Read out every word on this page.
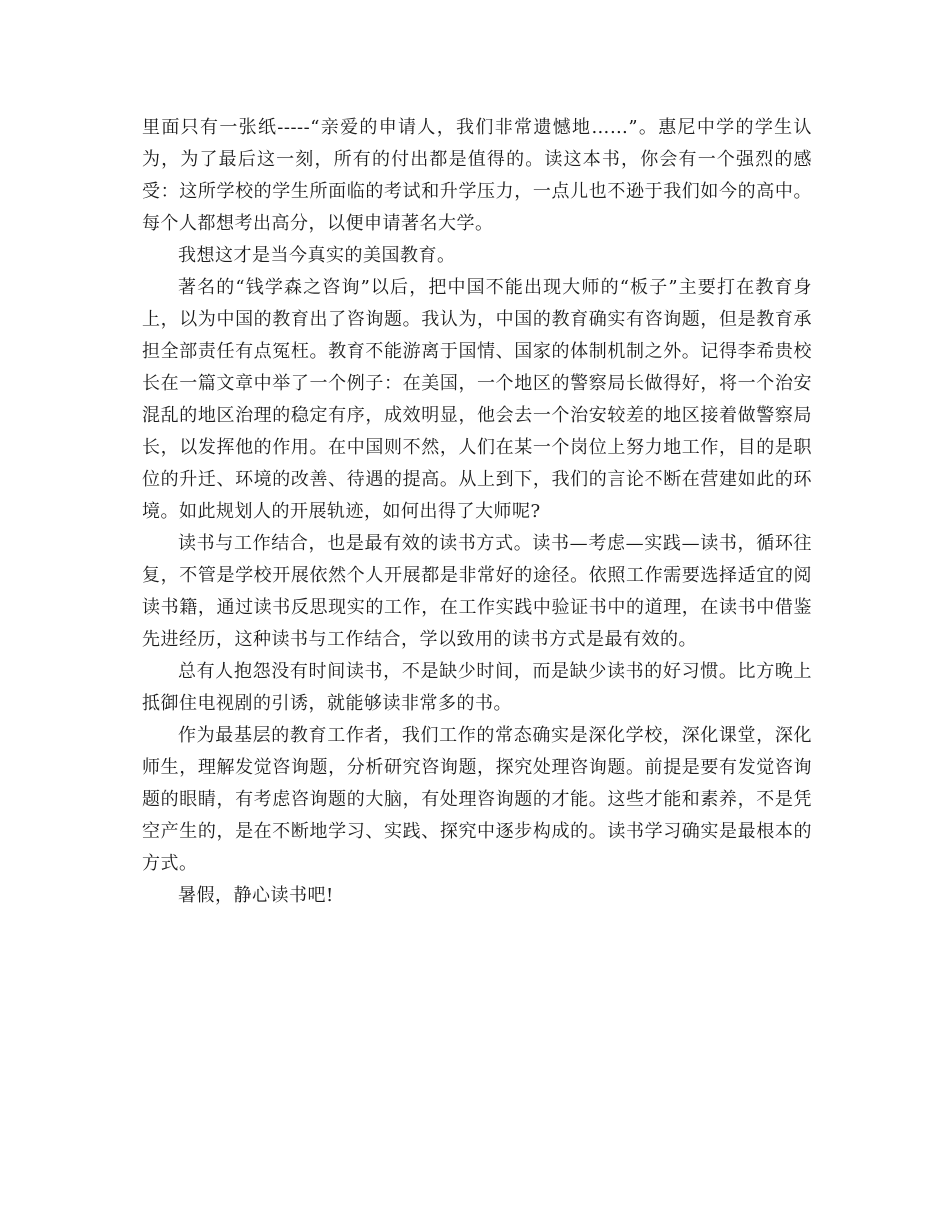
里面只有一张纸-----“亲爱的申请人，我们非常遗憾地……”。惠尼中学的学生认为，为了最后这一刻，所有的付出都是值得的。读这本书，你会有一个强烈的感受：这所学校的学生所面临的考试和升学压力，一点儿也不逊于我们如今的高中。每个人都想考出高分，以便申请著名大学。

我想这才是当今真实的美国教育。

著名的“钱学森之咨询”以后，把中国不能出现大师的“板子”主要打在教育身上，以为中国的教育出了咨询题。我认为，中国的教育确实有咨询题，但是教育承担全部责任有点冤枉。教育不能游离于国情、国家的体制机制之外。记得李希贵校长在一篇文章中举了一个例子：在美国，一个地区的警察局长做得好，将一个治安混乱的地区治理的稳定有序，成效明显，他会去一个治安较差的地区接着做警察局长，以发挥他的作用。在中国则不然，人们在某一个岗位上努力地工作，目的是职位的升迁、环境的改善、待遇的提高。从上到下，我们的言论不断在营建如此的环境。如此规划人的开展轨迹，如何出得了大师呢?

读书与工作结合，也是最有效的读书方式。读书—考虑—实践—读书，循环往复，不管是学校开展依然个人开展都是非常好的途径。依照工作需要选择适宜的阅读书籍，通过读书反思现实的工作，在工作实践中验证书中的道理，在读书中借鉴先进经历，这种读书与工作结合，学以致用的读书方式是最有效的。

总有人抱怨没有时间读书，不是缺少时间，而是缺少读书的好习惯。比方晚上抵御住电视剧的引诱，就能够读非常多的书。

作为最基层的教育工作者，我们工作的常态确实是深化学校，深化课堂，深化师生，理解发觉咨询题，分析研究咨询题，探究处理咨询题。前提是要有发觉咨询题的眼睛，有考虑咨询题的大脑，有处理咨询题的才能。这些才能和素养，不是凭空产生的，是在不断地学习、实践、探究中逐步构成的。读书学习确实是最根本的方式。

暑假，静心读书吧!
